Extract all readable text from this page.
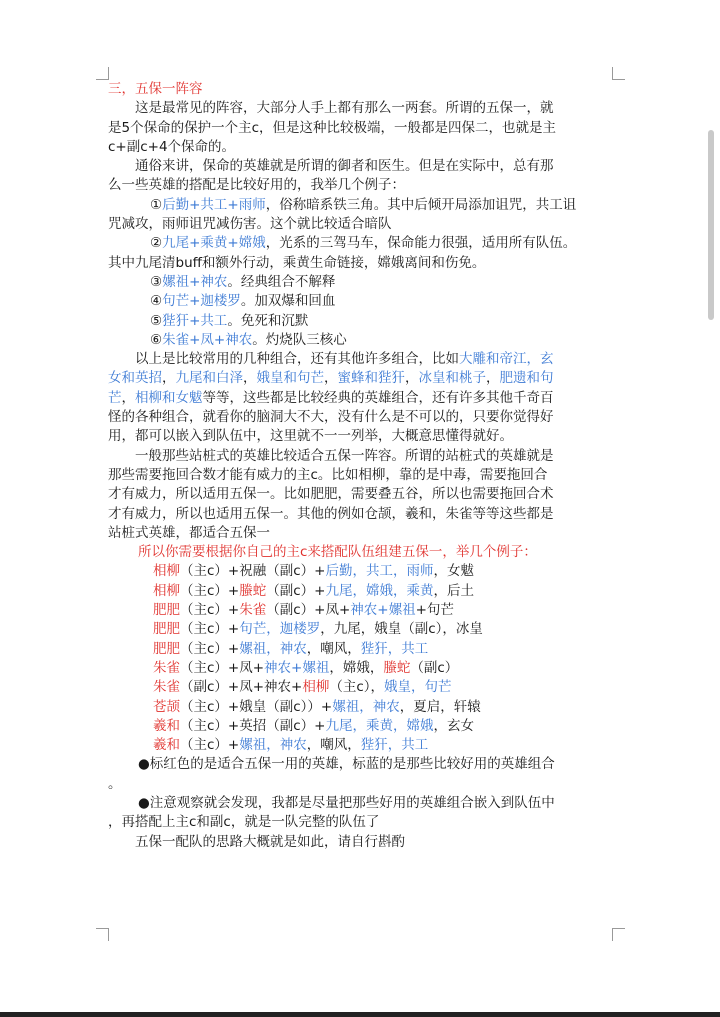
三，五保一阵容
这是最常见的阵容，大部分人手上都有那么一两套。所谓的五保一，就
是5个保命的保护一个主c，但是这种比较极端，一般都是四保二，也就是主
c+副c+4个保命的。
通俗来讲，保命的英雄就是所谓的御者和医生。但是在实际中，总有那
么一些英雄的搭配是比较好用的，我举几个例子：
①后勤+共工+雨师，俗称暗系铁三角。其中后倾开局添加诅咒，共工诅
咒减攻，雨师诅咒减伤害。这个就比较适合暗队
②九尾+乘黄+嫦娥，光系的三驾马车，保命能力很强，适用所有队伍。
其中九尾清buff和额外行动，乘黄生命链接，嫦娥离间和伤免。
③嫘祖+神农。经典组合不解释
④句芒+迦楼罗。加双爆和回血
⑤狴犴+共工。免死和沉默
⑥朱雀+凤+神农。灼烧队三核心
以上是比较常用的几种组合，还有其他许多组合，比如大雕和帝江，玄
女和英招，九尾和白泽，娥皇和句芒，蜜蜂和狴犴，冰皇和桃子，肥遗和句
芒，相柳和女魃等等，这些都是比较经典的英雄组合，还有许多其他千奇百
怪的各种组合，就看你的脑洞大不大，没有什么是不可以的，只要你觉得好
用，都可以嵌入到队伍中，这里就不一一列举，大概意思懂得就好。
一般那些站桩式的英雄比较适合五保一阵容。所谓的站桩式的英雄就是
那些需要拖回合数才能有威力的主c。比如相柳，靠的是中毒，需要拖回合
才有威力，所以适用五保一。比如肥肥，需要叠五谷，所以也需要拖回合术
才有威力，所以也适用五保一。其他的例如仓颉，羲和，朱雀等等这些都是
站桩式英雄，都适合五保一
所以你需要根据你自己的主c来搭配队伍组建五保一，举几个例子：
相柳（主c）+祝融（副c）+后勤，共工，雨师，女魃
相柳（主c）+螣蛇（副c）+九尾，嫦娥，乘黄，后土
肥肥（主c）+朱雀（副c）+凤+神农+嫘祖+句芒
肥肥（主c）+句芒，迦楼罗，九尾，娥皇（副c），冰皇
肥肥（主c）+嫘祖，神农，嘲风，狴犴，共工
朱雀（主c）+凤+神农+嫘祖，嫦娥，螣蛇（副c）
朱雀（副c）+凤+神农+相柳（主c），娥皇，句芒
苍颉（主c）+娥皇（副c））+嫘祖，神农，夏启，轩辕
羲和（主c）+英招（副c）+九尾，乘黄，嫦娥，玄女
羲和（主c）+嫘祖，神农，嘲风，狴犴，共工
●标红色的是适合五保一用的英雄，标蓝的是那些比较好用的英雄组合
。
●注意观察就会发现，我都是尽量把那些好用的英雄组合嵌入到队伍中
，再搭配上主c和副c，就是一队完整的队伍了
五保一配队的思路大概就是如此，请自行斟酌
